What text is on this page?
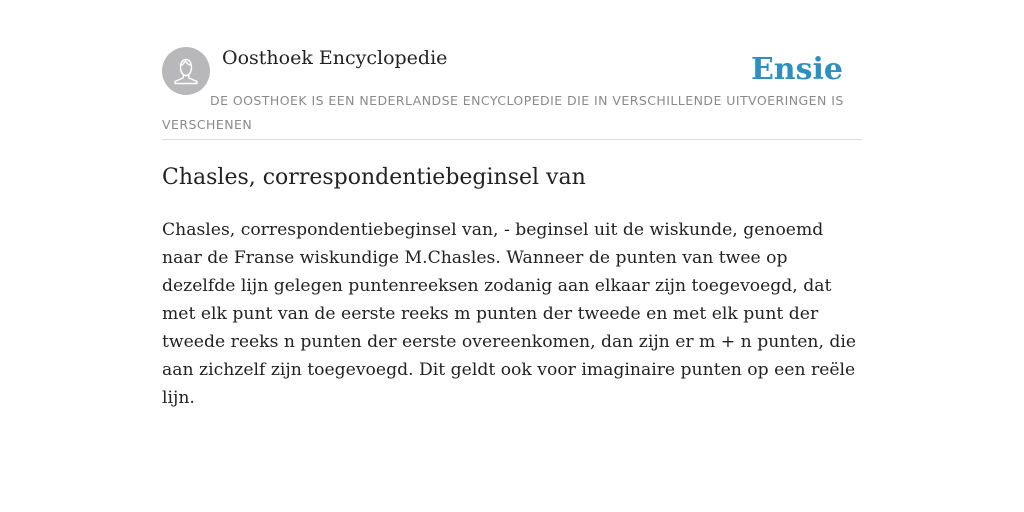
Oosthoek Encyclopedie	Ensie
DE OOSTHOEK IS EEN NEDERLANDSE ENCYCLOPEDIE DIE IN VERSCHILLENDE UITVOERINGEN IS VERSCHENEN
Chasles, correspondentiebeginsel van

Chasles, correspondentiebeginsel van, - beginsel uit de wiskunde, genoemd naar de Franse wiskundige M.Chasles. Wanneer de punten van twee op dezelfde lijn gelegen puntenreeksen zodanig aan elkaar zijn toegevoegd, dat met elk punt van de eerste reeks m punten der tweede en met elk punt der tweede reeks n punten der eerste overeenkomen, dan zijn er m + n punten, die aan zichzelf zijn toegevoegd. Dit geldt ook voor imaginaire punten op een reële lijn.
